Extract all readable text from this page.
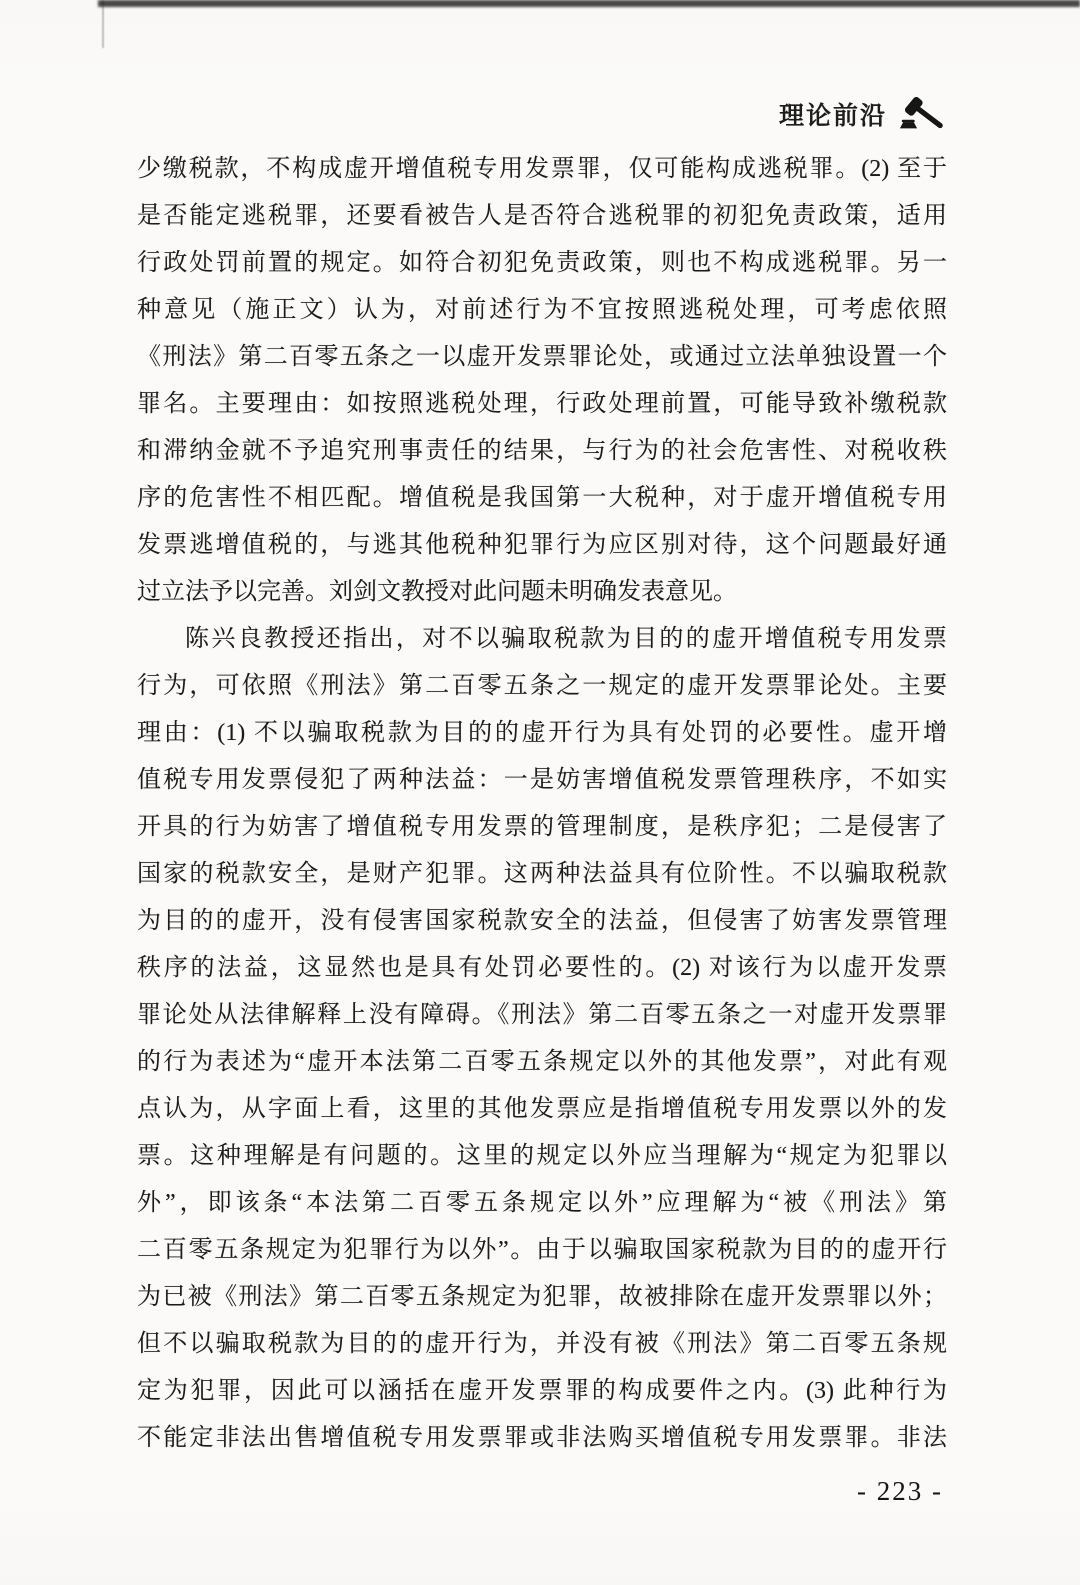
理论前沿
少缴税款，不构成虚开增值税专用发票罪，仅可能构成逃税罪。(2) 至于
是否能定逃税罪，还要看被告人是否符合逃税罪的初犯免责政策，适用
行政处罚前置的规定。如符合初犯免责政策，则也不构成逃税罪。另一
种意见（施正文）认为，对前述行为不宜按照逃税处理，可考虑依照
《刑法》第二百零五条之一以虚开发票罪论处，或通过立法单独设置一个
罪名。主要理由：如按照逃税处理，行政处理前置，可能导致补缴税款
和滞纳金就不予追究刑事责任的结果，与行为的社会危害性、对税收秩
序的危害性不相匹配。增值税是我国第一大税种，对于虚开增值税专用
发票逃增值税的，与逃其他税种犯罪行为应区别对待，这个问题最好通
过立法予以完善。刘剑文教授对此问题未明确发表意见。
陈兴良教授还指出，对不以骗取税款为目的的虚开增值税专用发票
行为，可依照《刑法》第二百零五条之一规定的虚开发票罪论处。主要
理由：(1) 不以骗取税款为目的的虚开行为具有处罚的必要性。虚开增
值税专用发票侵犯了两种法益：一是妨害增值税发票管理秩序，不如实
开具的行为妨害了增值税专用发票的管理制度，是秩序犯；二是侵害了
国家的税款安全，是财产犯罪。这两种法益具有位阶性。不以骗取税款
为目的的虚开，没有侵害国家税款安全的法益，但侵害了妨害发票管理
秩序的法益，这显然也是具有处罚必要性的。(2) 对该行为以虚开发票
罪论处从法律解释上没有障碍。《刑法》第二百零五条之一对虚开发票罪
的行为表述为“虚开本法第二百零五条规定以外的其他发票”，对此有观
点认为，从字面上看，这里的其他发票应是指增值税专用发票以外的发
票。这种理解是有问题的。这里的规定以外应当理解为“规定为犯罪以
外”，即该条“本法第二百零五条规定以外”应理解为“被《刑法》第
二百零五条规定为犯罪行为以外”。由于以骗取国家税款为目的的虚开行
为已被《刑法》第二百零五条规定为犯罪，故被排除在虚开发票罪以外；
但不以骗取税款为目的的虚开行为，并没有被《刑法》第二百零五条规
定为犯罪，因此可以涵括在虚开发票罪的构成要件之内。(3) 此种行为
不能定非法出售增值税专用发票罪或非法购买增值税专用发票罪。非法
- 223 -
